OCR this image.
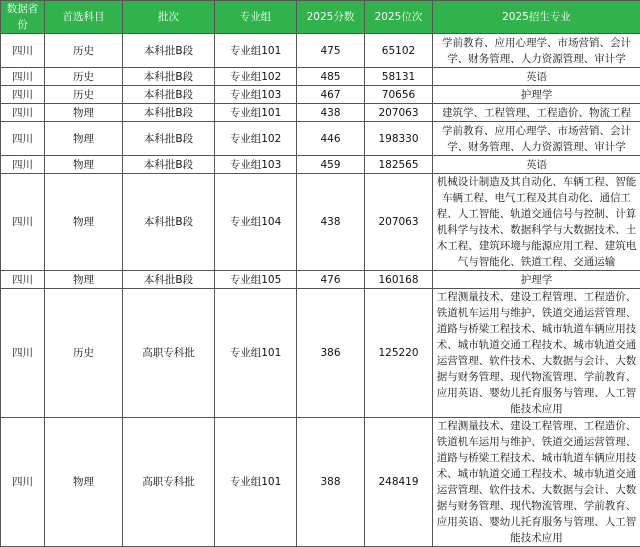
数据省份	首选科目	批次	专业组	2025分数	2025位次	2025招生专业
四川	历史	本科批B段	专业组101	475	65102	学前教育、应用心理学、市场营销、会计学、财务管理、人力资源管理、审计学
四川	历史	本科批B段	专业组102	485	58131	英语
四川	历史	本科批B段	专业组103	467	70656	护理学
四川	物理	本科批B段	专业组101	438	207063	建筑学、工程管理、工程造价、物流工程
四川	物理	本科批B段	专业组102	446	198330	学前教育、应用心理学、市场营销、会计学、财务管理、人力资源管理、审计学
四川	物理	本科批B段	专业组103	459	182565	英语
四川	物理	本科批B段	专业组104	438	207063	机械设计制造及其自动化、车辆工程、智能车辆工程、电气工程及其自动化、通信工程、人工智能、轨道交通信号与控制、计算机科学与技术、数据科学与大数据技术、土木工程、建筑环境与能源应用工程、建筑电气与智能化、铁道工程、交通运输
四川	物理	本科批B段	专业组105	476	160168	护理学
四川	历史	高职专科批	专业组101	386	125220	工程测量技术、建设工程管理、工程造价、铁道机车运用与维护、铁道交通运营管理、道路与桥梁工程技术、城市轨道车辆应用技术、城市轨道交通工程技术、城市轨道交通运营管理、软件技术、大数据与会计、大数据与财务管理、现代物流管理、学前教育、应用英语、婴幼儿托育服务与管理、人工智能技术应用
四川	物理	高职专科批	专业组101	388	248419	工程测量技术、建设工程管理、工程造价、铁道机车运用与维护、铁道交通运营管理、道路与桥梁工程技术、城市轨道车辆应用技术、城市轨道交通工程技术、城市轨道交通运营管理、软件技术、大数据与会计、大数据与财务管理、现代物流管理、学前教育、应用英语、婴幼儿托育服务与管理、人工智能技术应用
